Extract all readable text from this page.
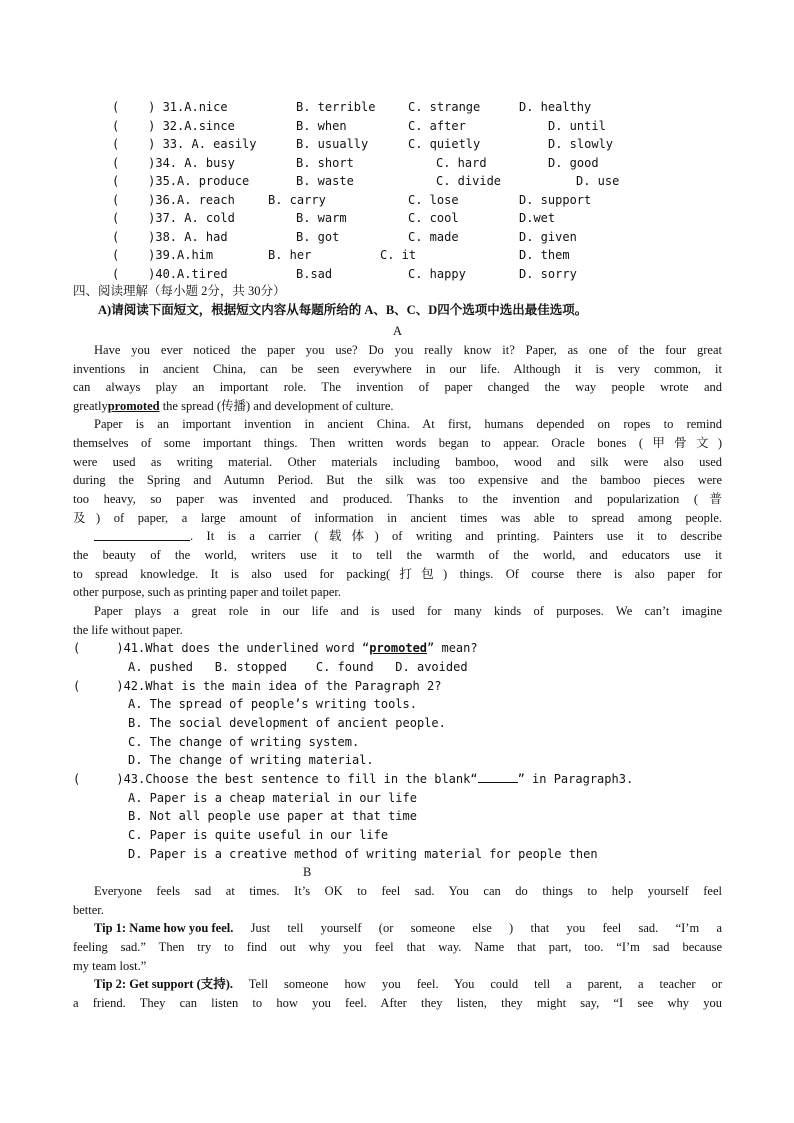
(    ) 31.A.nice	B. terrible	C. strange	D. healthy
(    ) 32.A.since	B. when	C. after	D. until
(    ) 33. A. easily	B. usually	C. quietly	D. slowly
(    )34. A. busy	B. short	C. hard	D. good
(    )35.A. produce	B. waste	C. divide	D. use
(    )36.A. reach	B. carry	C. lose	D. support
(    )37. A. cold	B. warm	C. cool	D.wet
(    )38. A. had	B. got	C. made	D. given
(    )39.A.him	B. her	C. it	D. them
(    )40.A.tired	B.sad	C. happy	D. sorry
四、阅读理解（每小题 2分，共 30分）
A)请阅读下面短文，根据短文内容从每题所给的 A、B、C、D四个选项中选出最佳选项。
A
Have you ever noticed the paper you use? Do you really know it? Paper, as one of the four great
inventions in ancient China, can be seen everywhere in our life. Although it is very common, it
can always play an important role. The invention of paper changed the way people wrote and
greatlypromoted the spread (传播) and development of culture.
Paper is an important invention in ancient China. At first, humans depended on ropes to remind
themselves of some important things. Then written words began to appear. Oracle bones (甲骨文)
were used as writing material. Other materials including bamboo, wood and silk were also used
during the Spring and Autumn Period. But the silk was too expensive and the bamboo pieces were
too heavy, so paper was invented and produced. Thanks to the invention and popularization (普
及) of paper, a large amount of information in ancient times was able to spread among people.
. It is a carrier (载体) of writing and printing. Painters use it to describe
the beauty of the world, writers use it to tell the warmth of the world, and educators use it
to spread knowledge. It is also used for packing(打包) things. Of course there is also paper for
other purpose, such as printing paper and toilet paper.
Paper plays a great role in our life and is used for many kinds of purposes. We can’t imagine
the life without paper.
(     )41.What does the underlined word “promoted” mean?
A. pushed   B. stopped    C. found   D. avoided
(     )42.What is the main idea of the Paragraph 2?
A. The spread of people’s writing tools.
B. The social development of ancient people.
C. The change of writing system.
D. The change of writing material.
(     )43.Choose the best sentence to fill in the blank“	” in Paragraph3.
A. Paper is a cheap material in our life
B. Not all people use paper at that time
C. Paper is quite useful in our life
D. Paper is a creative method of writing material for people then
B
Everyone feels sad at times. It’s OK to feel sad. You can do things to help yourself feel
better.
Tip 1: Name how you feel. Just tell yourself (or someone else ) that you feel sad. “I’m a
feeling sad.” Then try to find out why you feel that way. Name that part, too. “I’m sad because
my team lost.”
Tip 2: Get support (支持). Tell someone how you feel. You could tell a parent, a teacher or
a friend. They can listen to how you feel. After they listen, they might say, “I see why you
